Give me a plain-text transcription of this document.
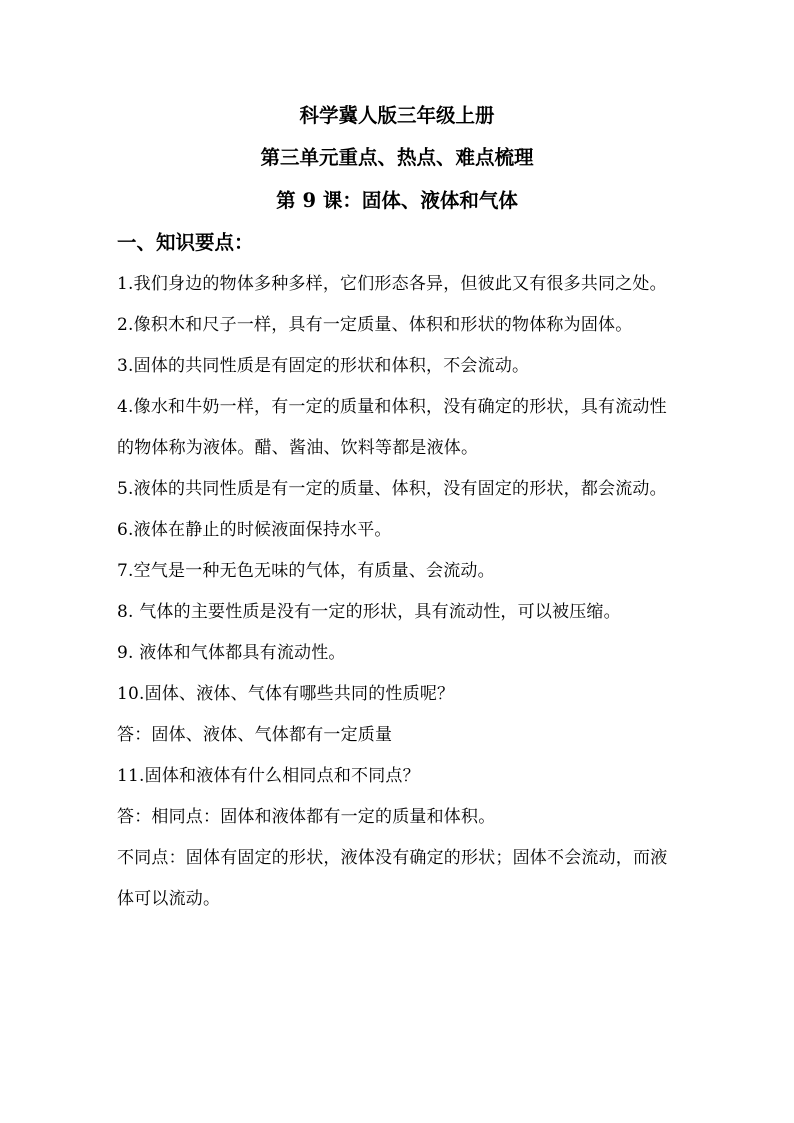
科学冀人版三年级上册

第三单元重点、热点、难点梳理

第 9 课：固体、液体和气体

一、知识要点：

1.我们身边的物体多种多样，它们形态各异，但彼此又有很多共同之处。

2.像积木和尺子一样，具有一定质量、体积和形状的物体称为固体。

3.固体的共同性质是有固定的形状和体积，不会流动。

4.像水和牛奶一样，有一定的质量和体积，没有确定的形状，具有流动性的物体称为液体。醋、酱油、饮料等都是液体。

5.液体的共同性质是有一定的质量、体积，没有固定的形状，都会流动。

6.液体在静止的时候液面保持水平。

7.空气是一种无色无味的气体，有质量、会流动。

8. 气体的主要性质是没有一定的形状，具有流动性，可以被压缩。

9. 液体和气体都具有流动性。

10.固体、液体、气体有哪些共同的性质呢？

答：固体、液体、气体都有一定质量

11.固体和液体有什么相同点和不同点？

答：相同点：固体和液体都有一定的质量和体积。

不同点：固体有固定的形状，液体没有确定的形状；固体不会流动，而液体可以流动。
